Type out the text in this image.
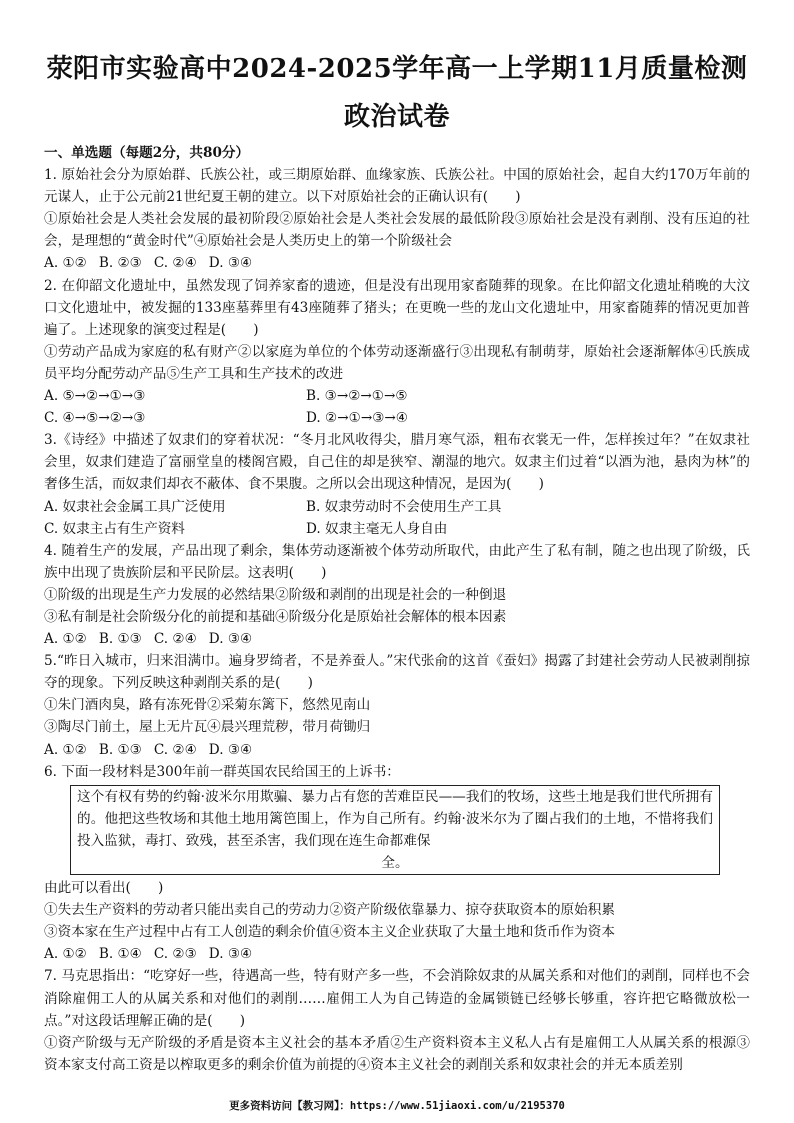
荥阳市实验高中2024-2025学年高一上学期11月质量检测
政治试卷

一、单选题（每题2分，共80分）

1. 原始社会分为原始群、氏族公社，或三期原始群、血缘家族、氏族公社。中国的原始社会，起自大约170万年前的元谋人，止于公元前21世纪夏王朝的建立。以下对原始社会的正确认识有(　　)

①原始社会是人类社会发展的最初阶段②原始社会是人类社会发展的最低阶段③原始社会是没有剥削、没有压迫的社会，是理想的“黄金时代”④原始社会是人类历史上的第一个阶级社会

A. ①② B. ②③ C. ②④ D. ③④

2. 在仰韶文化遗址中，虽然发现了饲养家畜的遗迹，但是没有出现用家畜随葬的现象。在比仰韶文化遗址稍晚的大汶口文化遗址中，被发掘的133座墓葬里有43座随葬了猪头；在更晚一些的龙山文化遗址中，用家畜随葬的情况更加普遍了。上述现象的演变过程是(　　)

①劳动产品成为家庭的私有财产②以家庭为单位的个体劳动逐渐盛行③出现私有制萌芽，原始社会逐渐解体④氏族成员平均分配劳动产品⑤生产工具和生产技术的改进

A. ⑤→②→①→③	B. ③→②→①→⑤
C. ④→⑤→②→③	D. ②→①→③→④

3.《诗经》中描述了奴隶们的穿着状况：“冬月北风收得尖，腊月寒气添，粗布衣裳无一件，怎样挨过年？”在奴隶社会里，奴隶们建造了富丽堂皇的楼阁宫殿，自己住的却是狭窄、潮湿的地穴。奴隶主们过着“以酒为池，悬肉为林”的奢侈生活，而奴隶们却衣不蔽体、食不果腹。之所以会出现这种情况，是因为(　　)

A. 奴隶社会金属工具广泛使用	B. 奴隶劳动时不会使用生产工具
C. 奴隶主占有生产资料	D. 奴隶主毫无人身自由

4. 随着生产的发展，产品出现了剩余，集体劳动逐渐被个体劳动所取代，由此产生了私有制，随之也出现了阶级，氏族中出现了贵族阶层和平民阶层。这表明(　　)

①阶级的出现是生产力发展的必然结果②阶级和剥削的出现是社会的一种倒退

③私有制是社会阶级分化的前提和基础④阶级分化是原始社会解体的根本因素

A. ①② B. ①③ C. ②④ D. ③④

5.“昨日入城市，归来泪满巾。遍身罗绮者，不是养蚕人。”宋代张俞的这首《蚕妇》揭露了封建社会劳动人民被剥削掠夺的现象。下列反映这种剥削关系的是(　　)

①朱门酒肉臭，路有冻死骨②采菊东篱下，悠然见南山

③陶尽门前土，屋上无片瓦④晨兴理荒秽，带月荷锄归

A. ①② B. ①③ C. ②④ D. ③④

6. 下面一段材料是300年前一群英国农民给国王的上诉书：

这个有权有势的约翰·波米尔用欺骗、暴力占有您的苦难臣民——我们的牧场，这些土地是我们世代所拥有的。他把这些牧场和其他土地用篱笆围上，作为自己所有。约翰·波米尔为了圈占我们的土地，不惜将我们投入监狱，毒打、致残，甚至杀害，我们现在连生命都难保
全。

由此可以看出(　　)

①失去生产资料的劳动者只能出卖自己的劳动力②资产阶级依靠暴力、掠夺获取资本的原始积累

③资本家在生产过程中占有工人创造的剩余价值④资本主义企业获取了大量土地和货币作为资本

A. ①② B. ①④ C. ②③ D. ③④

7. 马克思指出：“吃穿好一些，待遇高一些，特有财产多一些，不会消除奴隶的从属关系和对他们的剥削，同样也不会消除雇佣工人的从属关系和对他们的剥削……雇佣工人为自己铸造的金属锁链已经够长够重，容许把它略微放松一点。”对这段话理解正确的是(　　)

①资产阶级与无产阶级的矛盾是资本主义社会的基本矛盾②生产资料资本主义私人占有是雇佣工人从属关系的根源③资本家支付高工资是以榨取更多的剩余价值为前提的④资本主义社会的剥削关系和奴隶社会的并无本质差别

更多资料访问【教习网】：https://www.51jiaoxi.com/u/2195370
